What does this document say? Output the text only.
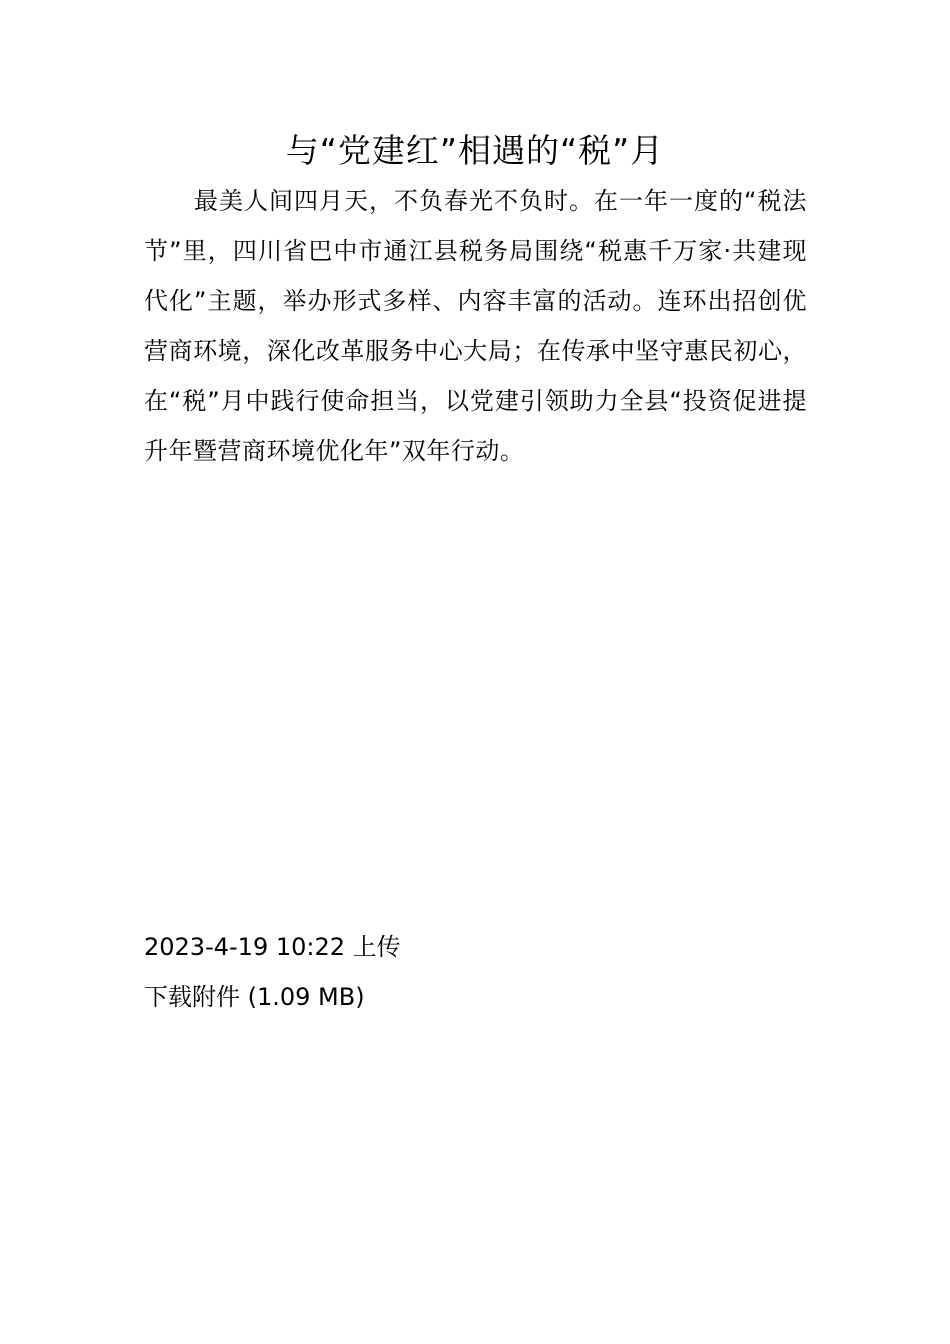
与“党建红”相遇的“税”月

最美人间四月天，不负春光不负时。在一年一度的“税法节”里，四川省巴中市通江县税务局围绕“税惠千万家·共建现代化”主题，举办形式多样、内容丰富的活动。连环出招创优营商环境，深化改革服务中心大局；在传承中坚守惠民初心，在“税”月中践行使命担当，以党建引领助力全县“投资促进提升年暨营商环境优化年”双年行动。

2023-4-19 10:22 上传
下载附件 (1.09 MB)
